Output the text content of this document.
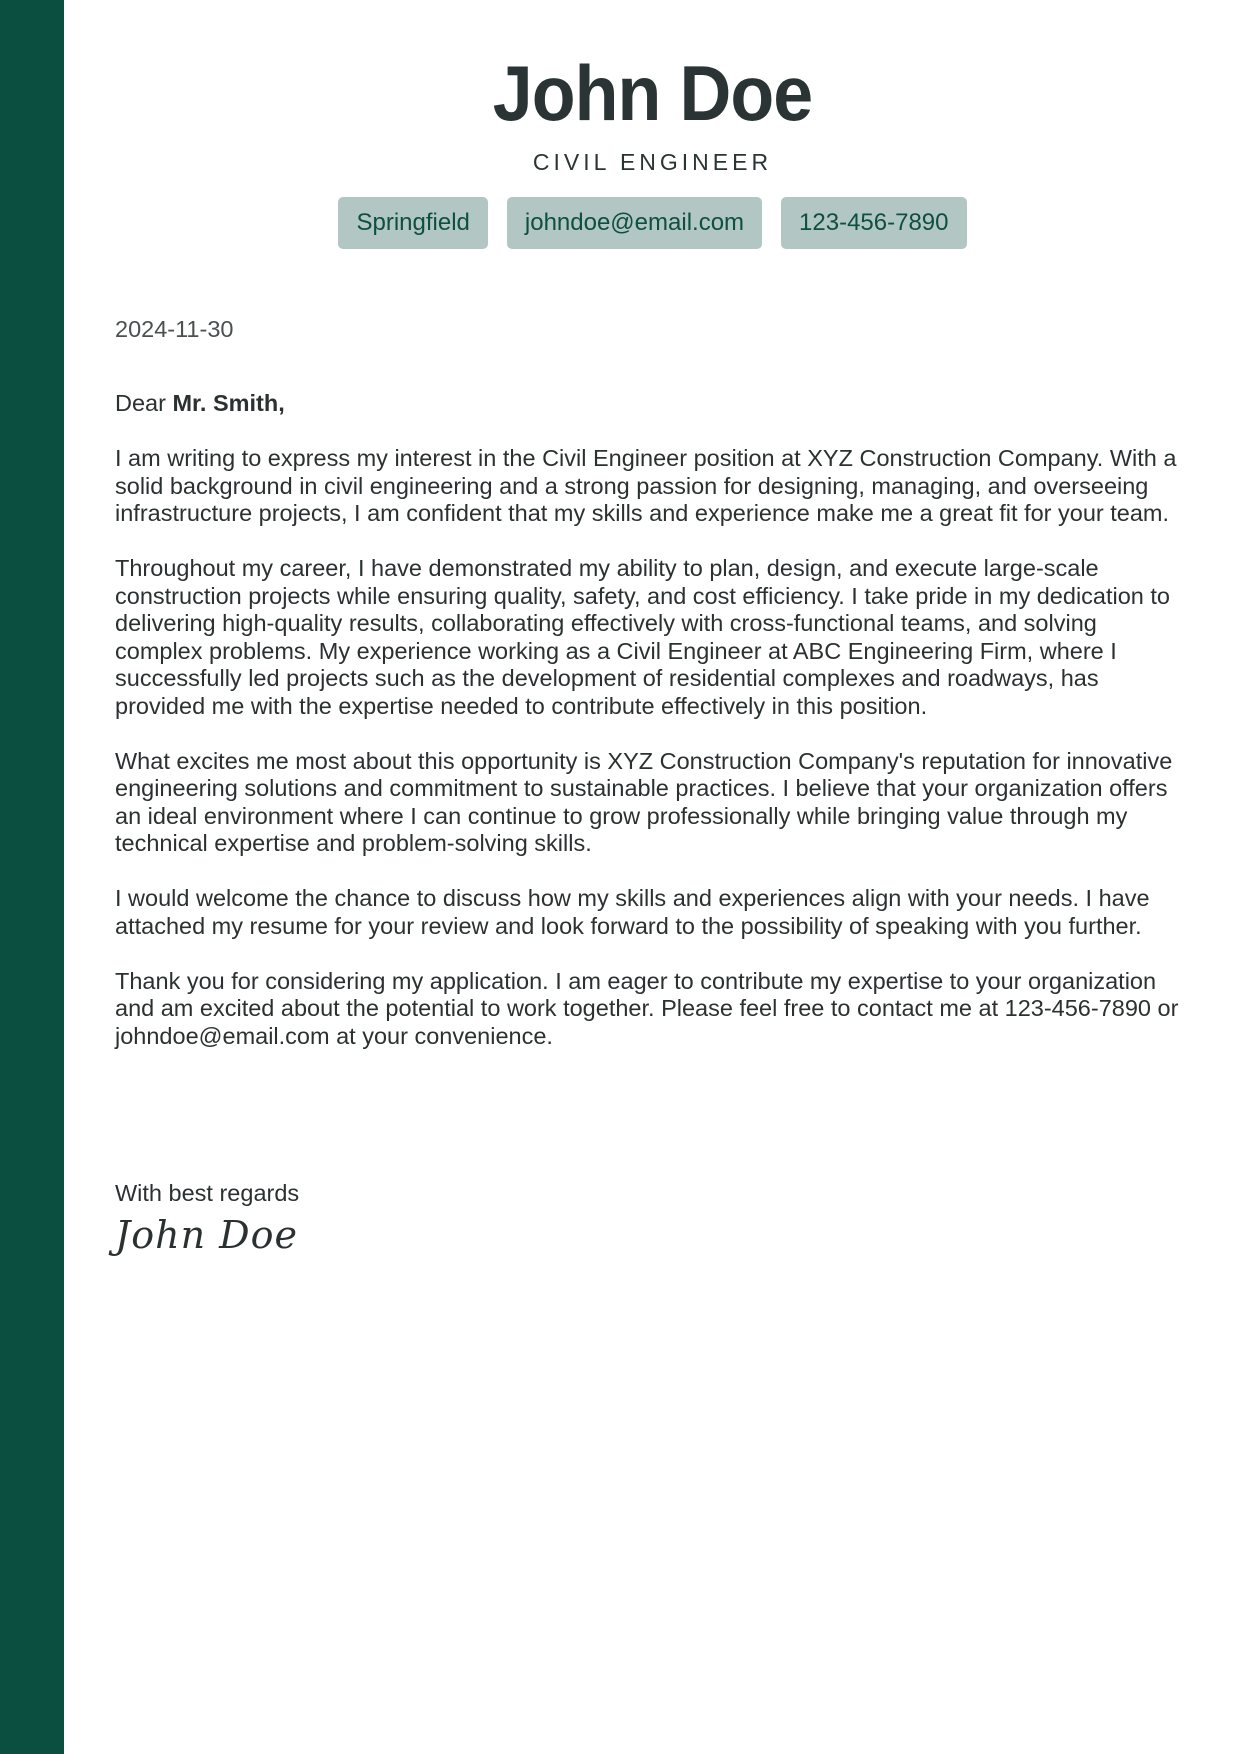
John Doe
CIVIL ENGINEER
Springfield	johndoe@email.com	123-456-7890
2024-11-30
Dear Mr. Smith,

I am writing to express my interest in the Civil Engineer position at XYZ Construction Company. With a solid background in civil engineering and a strong passion for designing, managing, and overseeing infrastructure projects, I am confident that my skills and experience make me a great fit for your team.

Throughout my career, I have demonstrated my ability to plan, design, and execute large-scale construction projects while ensuring quality, safety, and cost efficiency. I take pride in my dedication to delivering high-quality results, collaborating effectively with cross-functional teams, and solving complex problems. My experience working as a Civil Engineer at ABC Engineering Firm, where I successfully led projects such as the development of residential complexes and roadways, has provided me with the expertise needed to contribute effectively in this position.

What excites me most about this opportunity is XYZ Construction Company's reputation for innovative engineering solutions and commitment to sustainable practices. I believe that your organization offers an ideal environment where I can continue to grow professionally while bringing value through my technical expertise and problem-solving skills.

I would welcome the chance to discuss how my skills and experiences align with your needs. I have attached my resume for your review and look forward to the possibility of speaking with you further.

Thank you for considering my application. I am eager to contribute my expertise to your organization and am excited about the potential to work together. Please feel free to contact me at 123-456-7890 or johndoe@email.com at your convenience.

With best regards
John Doe
